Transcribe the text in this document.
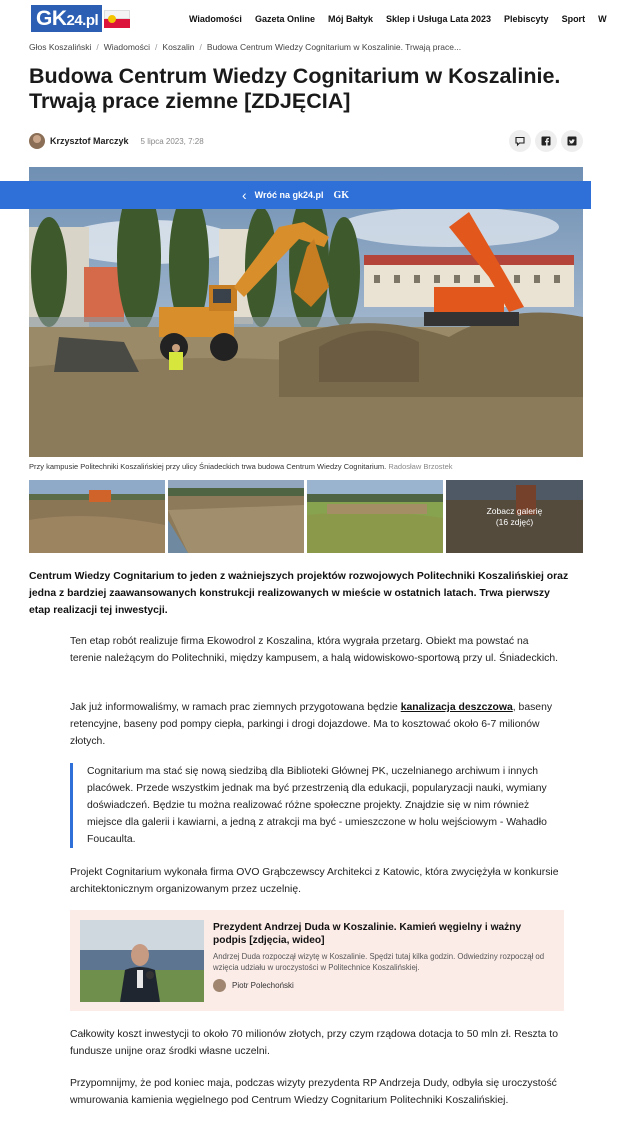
GK24.pl	Wiadomości Gazeta Online Mój Bałtyk Sklep i Usługa Lata 2023 Plebiscyty Sport W
Głos Koszaliński / Wiadomości / Koszalin / Budowa Centrum Wiedzy Cognitarium w Koszalinie. Trwają prace...
Budowa Centrum Wiedzy Cognitarium w Koszalinie. Trwają prace ziemne [ZDJĘCIA]
Krzysztof Marczyk 5 lipca 2023, 7:28
‹ Wróć na gk24.pl GK
Przy kampusie Politechniki Koszalińskiej przy ulicy Śniadeckich trwa budowa Centrum Wiedzy Cognitarium. Radosław Brzostek
Zobacz galerię
(16 zdjęć)

Centrum Wiedzy Cognitarium to jeden z ważniejszych projektów rozwojowych Politechniki Koszalińskiej oraz jedna z bardziej zaawansowanych konstrukcji realizowanych w mieście w ostatnich latach. Trwa pierwszy etap realizacji tej inwestycji.

Ten etap robót realizuje firma Ekowodrol z Koszalina, która wygrała przetarg. Obiekt ma powstać na terenie należącym do Politechniki, między kampusem, a halą widowiskowo-sportową przy ul. Śniadeckich.

Jak już informowaliśmy, w ramach prac ziemnych przygotowana będzie kanalizacja deszczowa, baseny retencyjne, baseny pod pompy ciepła, parkingi i drogi dojazdowe. Ma to kosztować około 6-7 milionów złotych.

Cognitarium ma stać się nową siedzibą dla Biblioteki Głównej PK, uczelnianego archiwum i innych placówek. Przede wszystkim jednak ma być przestrzenią dla edukacji, popularyzacji nauki, wymiany doświadczeń. Będzie tu można realizować różne społeczne projekty. Znajdzie się w nim również miejsce dla galerii i kawiarni, a jedną z atrakcji ma być - umieszczone w holu wejściowym - Wahadło Foucaulta.

Projekt Cognitarium wykonała firma OVO Grąbczewscy Architekci z Katowic, która zwyciężyła w konkursie architektonicznym organizowanym przez uczelnię.

Prezydent Andrzej Duda w Koszalinie. Kamień węgielny i ważny podpis [zdjęcia, wideo]
Andrzej Duda rozpoczął wizytę w Koszalinie. Spędzi tutaj kilka godzin. Odwiedziny rozpoczął od wzięcia udziału w uroczystości w Politechnice Koszalińskiej.
Piotr Polechoński

Całkowity koszt inwestycji to około 70 milionów złotych, przy czym rządowa dotacja to 50 mln zł. Reszta to fundusze unijne oraz środki własne uczelni.

Przypomnijmy, że pod koniec maja, podczas wizyty prezydenta RP Andrzeja Dudy, odbyła się uroczystość wmurowania kamienia węgielnego pod Centrum Wiedzy Cognitarium Politechniki Koszalińskiej.
